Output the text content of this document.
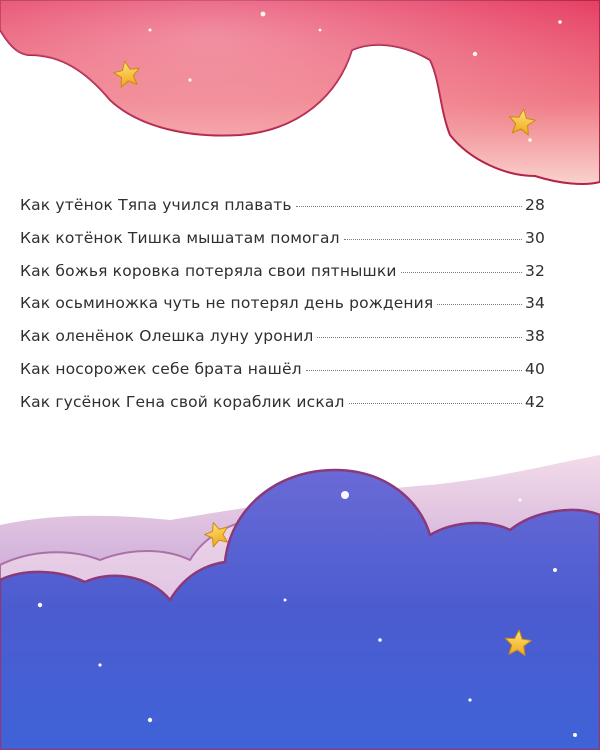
Как утёнок Тяпа учился плавать	28
Как котёнок Тишка мышатам помогал	30
Как божья коровка потеряла свои пятнышки	32
Как осьминожка чуть не потерял день рождения	34
Как оленёнок Олешка луну уронил	38
Как носорожек себе брата нашёл	40
Как гусёнок Гена свой кораблик искал	42
